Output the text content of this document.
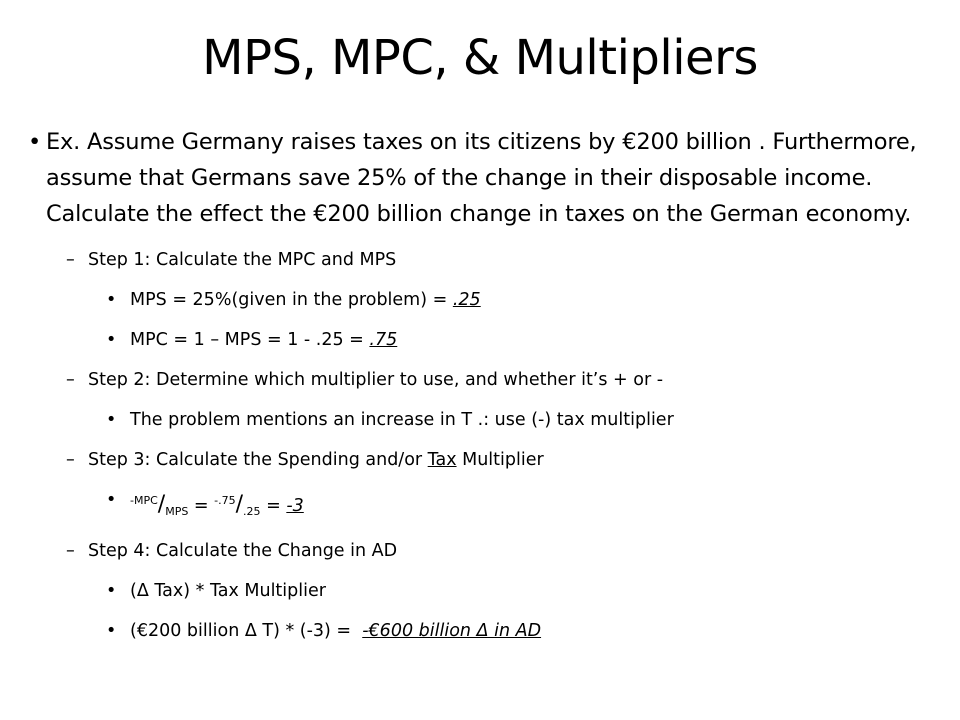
MPS, MPC, & Multipliers
• Ex. Assume Germany raises taxes on its citizens by €200 billion . Furthermore, assume that Germans save 25% of the change in their disposable income. Calculate the effect the €200 billion change in taxes on the German economy.
– Step 1: Calculate the MPC and MPS
• MPS = 25%(given in the problem) = .25
• MPC = 1 – MPS = 1 - .25 = .75
– Step 2: Determine which multiplier to use, and whether it’s + or -
• The problem mentions an increase in T .: use (-) tax multiplier
– Step 3: Calculate the Spending and/or Tax Multiplier
• $^{-MPC}/_{MPS} = ^{-.75}/_{.25} = -3$
– Step 4: Calculate the Change in AD
• (Δ Tax) * Tax Multiplier
• (€200 billion Δ T) * (-3) =  -€600 billion Δ in AD
